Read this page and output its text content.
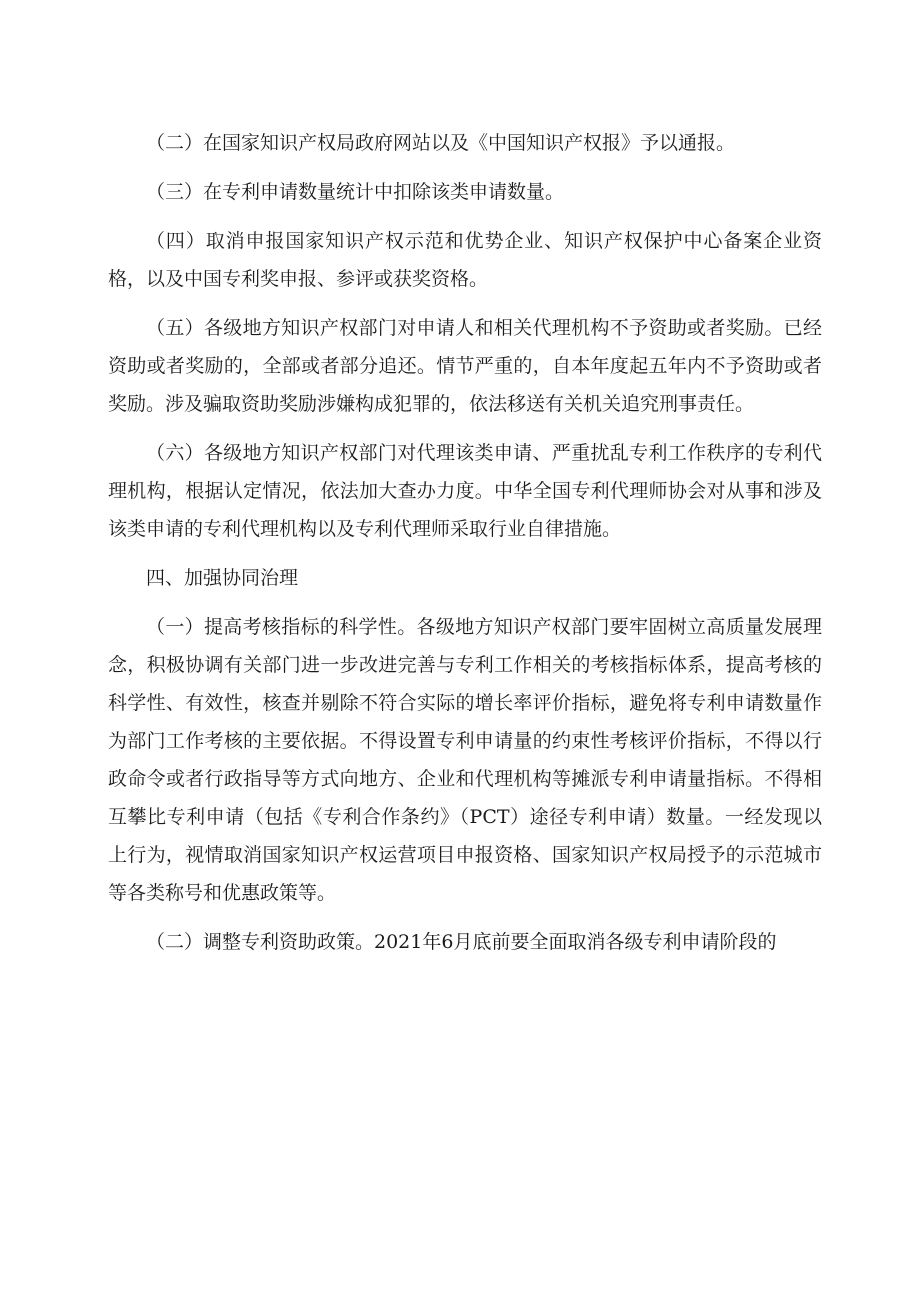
（二）在国家知识产权局政府网站以及《中国知识产权报》予以通报。

（三）在专利申请数量统计中扣除该类申请数量。

（四）取消申报国家知识产权示范和优势企业、知识产权保护中心备案企业资格，以及中国专利奖申报、参评或获奖资格。

（五）各级地方知识产权部门对申请人和相关代理机构不予资助或者奖励。已经资助或者奖励的，全部或者部分追还。情节严重的，自本年度起五年内不予资助或者奖励。涉及骗取资助奖励涉嫌构成犯罪的，依法移送有关机关追究刑事责任。

（六）各级地方知识产权部门对代理该类申请、严重扰乱专利工作秩序的专利代理机构，根据认定情况，依法加大查办力度。中华全国专利代理师协会对从事和涉及该类申请的专利代理机构以及专利代理师采取行业自律措施。

四、加强协同治理

（一）提高考核指标的科学性。各级地方知识产权部门要牢固树立高质量发展理念，积极协调有关部门进一步改进完善与专利工作相关的考核指标体系，提高考核的科学性、有效性，核查并剔除不符合实际的增长率评价指标，避免将专利申请数量作为部门工作考核的主要依据。不得设置专利申请量的约束性考核评价指标，不得以行政命令或者行政指导等方式向地方、企业和代理机构等摊派专利申请量指标。不得相互攀比专利申请（包括《专利合作条约》（PCT）途径专利申请）数量。一经发现以上行为，视情取消国家知识产权运营项目申报资格、国家知识产权局授予的示范城市等各类称号和优惠政策等。

（二）调整专利资助政策。2021年6月底前要全面取消各级专利申请阶段的
